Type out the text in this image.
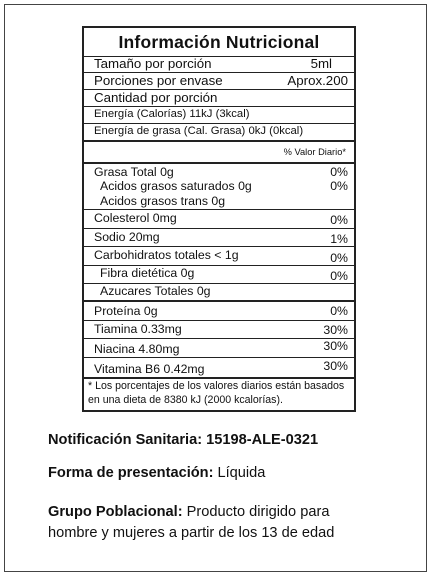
Información Nutricional
Tamaño por porción	5ml
Porciones por envase	Aprox.200
Cantidad por porción
Energía (Calorías) 11kJ (3kcal)
Energía de grasa (Cal. Grasa) 0kJ (0kcal)
% Valor Diario*
Grasa Total 0g	0%
Acidos grasos saturados 0g	0%
Acidos grasos trans 0g
Colesterol 0mg	0%
Sodio 20mg	1%
Carbohidratos totales < 1g	0%
Fibra dietética 0g	0%
Azucares Totales 0g
Proteína 0g	0%
Tiamina 0.33mg	30%
Niacina 4.80mg	30%
Vitamina B6 0.42mg	30%
* Los porcentajes de los valores diarios están basados en una dieta de 8380 kJ (2000 kcalorías).
Notificación Sanitaria: 15198-ALE-0321
Forma de presentación: Líquida
Grupo Poblacional: Producto dirigido para
hombre y mujeres a partir de los 13 de edad
